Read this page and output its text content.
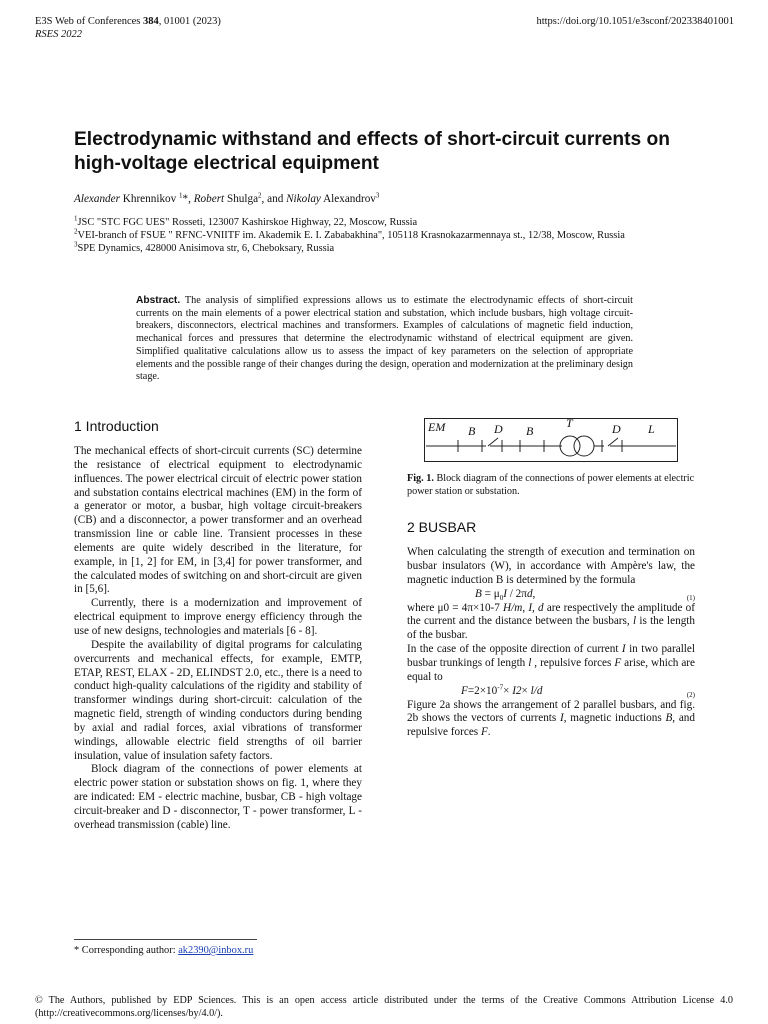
E3S Web of Conferences 384, 01001 (2023)
RSES 2022
https://doi.org/10.1051/e3sconf/202338401001
Electrodynamic withstand and effects of short-circuit currents on high-voltage electrical equipment
Alexander Khrennikov $^1$*, Robert Shulga$^2$, and Nikolay Alexandrov$^3$
$^1$JSC "STC FGC UES" Rosseti, 123007 Kashirskoe Highway, 22, Moscow, Russia
$^2$VEI-branch of FSUE " RFNC-VNIITF im. Akademik E. I. Zababakhina", 105118 Krasnokazarmennaya st., 12/38, Moscow, Russia
$^3$SPE Dynamics, 428000 Anisimova str, 6, Cheboksary, Russia
Abstract. The analysis of simplified expressions allows us to estimate the electrodynamic effects of short-circuit currents on the main elements of a power electrical station and substation, which include busbars, high voltage circuit-breakers, disconnectors, electrical machines and transformers. Examples of calculations of magnetic field induction, mechanical forces and pressures that determine the electrodynamic withstand of electrical equipment are given. Simplified qualitative calculations allow us to assess the impact of key parameters on the selection of appropriate elements and the possible range of their changes during the design, operation and modernization at the preliminary design stage.
1 Introduction

The mechanical effects of short-circuit currents (SC) determine the resistance of electrical equipment to electrodynamic influences. The power electrical circuit of electric power station and substation contains electrical machines (EM) in the form of a generator or motor, a busbar, high voltage circuit-breakers (CB) and a disconnector, a power transformer and an overhead transmission line or cable line. Transient processes in these elements are quite widely described in the literature, for example, in [1, 2] for EM, in [3,4] for power transformer, and the calculated modes of switching on and short-circuit are given in [5,6].

Currently, there is a modernization and improvement of electrical equipment to improve energy efficiency through the use of new designs, technologies and materials [6 - 8].

Despite the availability of digital programs for calculating overcurrents and mechanical effects, for example, EMTP, ETAP, REST, ELAX - 2D, ELINDST 2.0, etc., there is a need to conduct high-quality calculations of the rigidity and stability of transformer windings during short-circuit: calculation of the magnetic field, strength of winding conductors during bending by axial and radial forces, axial vibrations of transformer windings, allowable electric field strengths of oil barrier insulation, value of insulation safety factors.

Block diagram of the connections of power elements at electric power station or substation shows on fig. 1, where they are indicated: EM - electric machine, busbar, CB - high voltage circuit-breaker and D - disconnector, T - power transformer, L - overhead transmission (cable) line.

EM B D B
T	D L
Fig. 1. Block diagram of the connections of power elements at electric power station or substation.
2 BUSBAR

When calculating the strength of execution and termination on busbar insulators (W), in accordance with Ampère's law, the magnetic induction B is determined by the formula

$B = \mu_0I / 2\pi d$,	(1)

where μ0 = 4π×10-7 H/m, I, d are respectively the amplitude of the current and the distance between the busbars, l is the length of the busbar.

In the case of the opposite direction of current I in two parallel busbar trunkings of length l , repulsive forces F arise, which are equal to

$F=2\times 10^{-7}\times I2\times l/d$	(2)

Figure 2a shows the arrangement of 2 parallel busbars, and fig. 2b shows the vectors of currents I, magnetic inductions B, and repulsive forces F.

* Corresponding author: ak2390@inbox.ru
© The Authors, published by EDP Sciences. This is an open access article distributed under the terms of the Creative Commons Attribution License 4.0 (http://creativecommons.org/licenses/by/4.0/).
